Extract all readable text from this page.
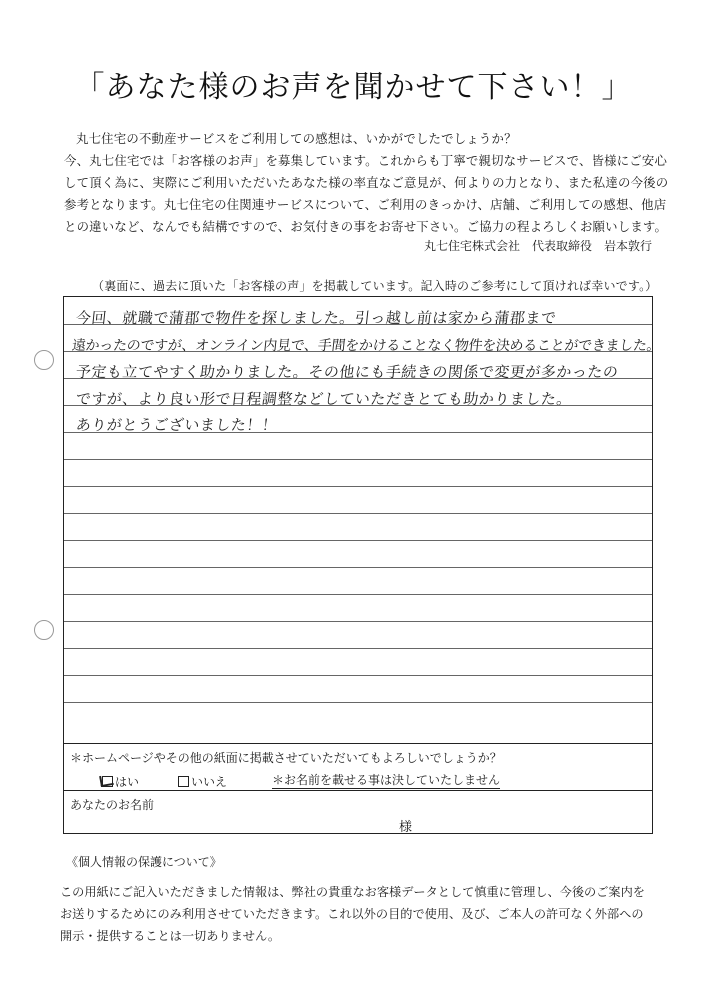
「あなた様のお声を聞かせて下さい！」

丸七住宅の不動産サービスをご利用しての感想は、いかがでしたでしょうか？

今、丸七住宅では「お客様のお声」を募集しています。これからも丁寧で親切なサービスで、皆様にご安心

して頂く為に、実際にご利用いただいたあなた様の率直なご意見が、何よりの力となり、また私達の今後の

参考となります。丸七住宅の住関連サービスについて、ご利用のきっかけ、店舗、ご利用しての感想、他店

との違いなど、なんでも結構ですので、お気付きの事をお寄せ下さい。ご協力の程よろしくお願いします。

丸七住宅株式会社　代表取締役　岩本敦行
（裏面に、過去に頂いた「お客様の声」を掲載しています。記入時のご参考にして頂ければ幸いです。）
今回、就職で蒲郡で物件を探しました。引っ越し前は家から蒲郡まで
遠かったのですが、オンライン内見で、手間をかけることなく物件を決めることができました。
予定も立てやすく助かりました。その他にも手続きの関係で変更が多かったの
ですが、より良い形で日程調整などしていただきとても助かりました。
ありがとうございました！！
＊ホームページやその他の紙面に掲載させていただいてもよろしいでしょうか？
はい	いいえ	＊お名前を載せる事は決していたしません
あなたのお名前
様
《個人情報の保護について》

この用紙にご記入いただきました情報は、弊社の貴重なお客様データとして慎重に管理し、今後のご案内を

お送りするためにのみ利用させていただきます。これ以外の目的で使用、及び、ご本人の許可なく外部への

開示・提供することは一切ありません。
